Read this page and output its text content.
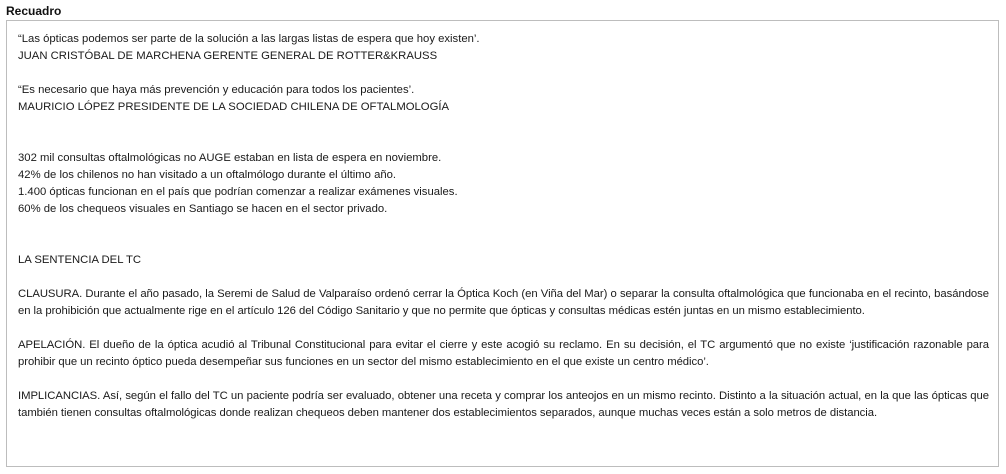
Recuadro
“Las ópticas podemos ser parte de la solución a las largas listas de espera que hoy existen’.
JUAN CRISTÓBAL DE MARCHENA GERENTE GENERAL DE ROTTER&KRAUSS
“Es necesario que haya más prevención y educación para todos los pacientes’.
MAURICIO LÓPEZ PRESIDENTE DE LA SOCIEDAD CHILENA DE OFTALMOLOGÍA
302 mil consultas oftalmológicas no AUGE estaban en lista de espera en noviembre.
42% de los chilenos no han visitado a un oftalmólogo durante el último año.
1.400 ópticas funcionan en el país que podrían comenzar a realizar exámenes visuales.
60% de los chequeos visuales en Santiago se hacen en el sector privado.
LA SENTENCIA DEL TC
CLAUSURA. Durante el año pasado, la Seremi de Salud de Valparaíso ordenó cerrar la Óptica Koch (en Viña del Mar) o separar la consulta oftalmológica que funcionaba en el recinto, basándose en la prohibición que actualmente rige en el artículo 126 del Código Sanitario y que no permite que ópticas y consultas médicas estén juntas en un mismo establecimiento.
APELACIÓN. El dueño de la óptica acudió al Tribunal Constitucional para evitar el cierre y este acogió su reclamo. En su decisión, el TC argumentó que no existe ‘justificación razonable para prohibir que un recinto óptico pueda desempeñar sus funciones en un sector del mismo establecimiento en el que existe un centro médico’.
IMPLICANCIAS. Así, según el fallo del TC un paciente podría ser evaluado, obtener una receta y comprar los anteojos en un mismo recinto. Distinto a la situación actual, en la que las ópticas que también tienen consultas oftalmológicas donde realizan chequeos deben mantener dos establecimientos separados, aunque muchas veces están a solo metros de distancia.
